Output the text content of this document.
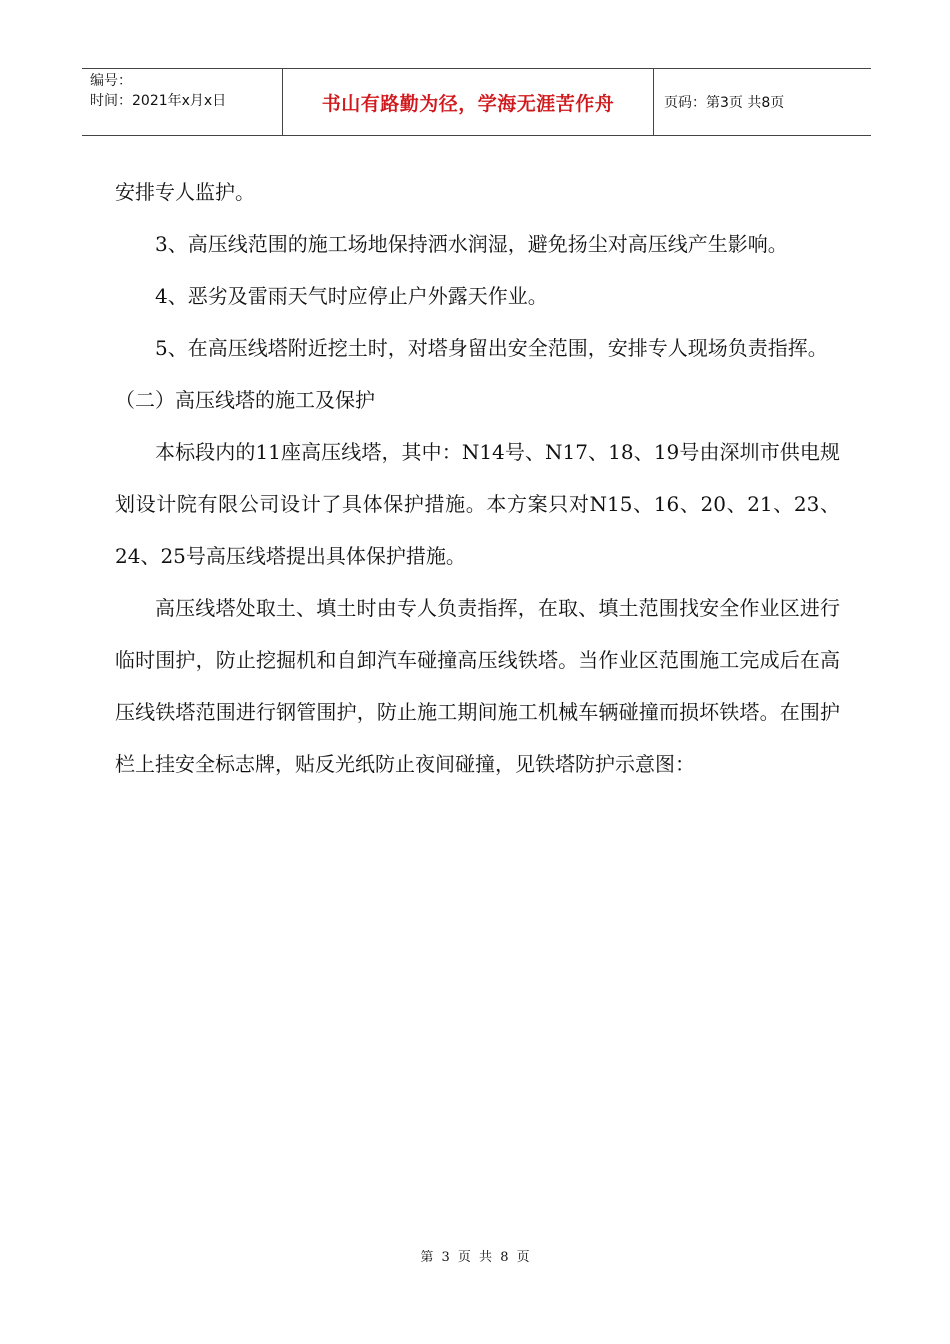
编号：
时间：2021年x月x日	书山有路勤为径，学海无涯苦作舟	页码：第3页 共8页

安排专人监护。

3、高压线范围的施工场地保持洒水润湿，避免扬尘对高压线产生影响。

4、恶劣及雷雨天气时应停止户外露天作业。

5、在高压线塔附近挖土时，对塔身留出安全范围，安排专人现场负责指挥。

（二）高压线塔的施工及保护

本标段内的11座高压线塔，其中：N14号、N17、18、19号由深圳市供电规划设计院有限公司设计了具体保护措施。本方案只对N15、16、20、21、23、24、25号高压线塔提出具体保护措施。

高压线塔处取土、填土时由专人负责指挥，在取、填土范围找安全作业区进行临时围护，防止挖掘机和自卸汽车碰撞高压线铁塔。当作业区范围施工完成后在高压线铁塔范围进行钢管围护，防止施工期间施工机械车辆碰撞而损坏铁塔。在围护栏上挂安全标志牌，贴反光纸防止夜间碰撞，见铁塔防护示意图：

第 3 页 共 8 页
